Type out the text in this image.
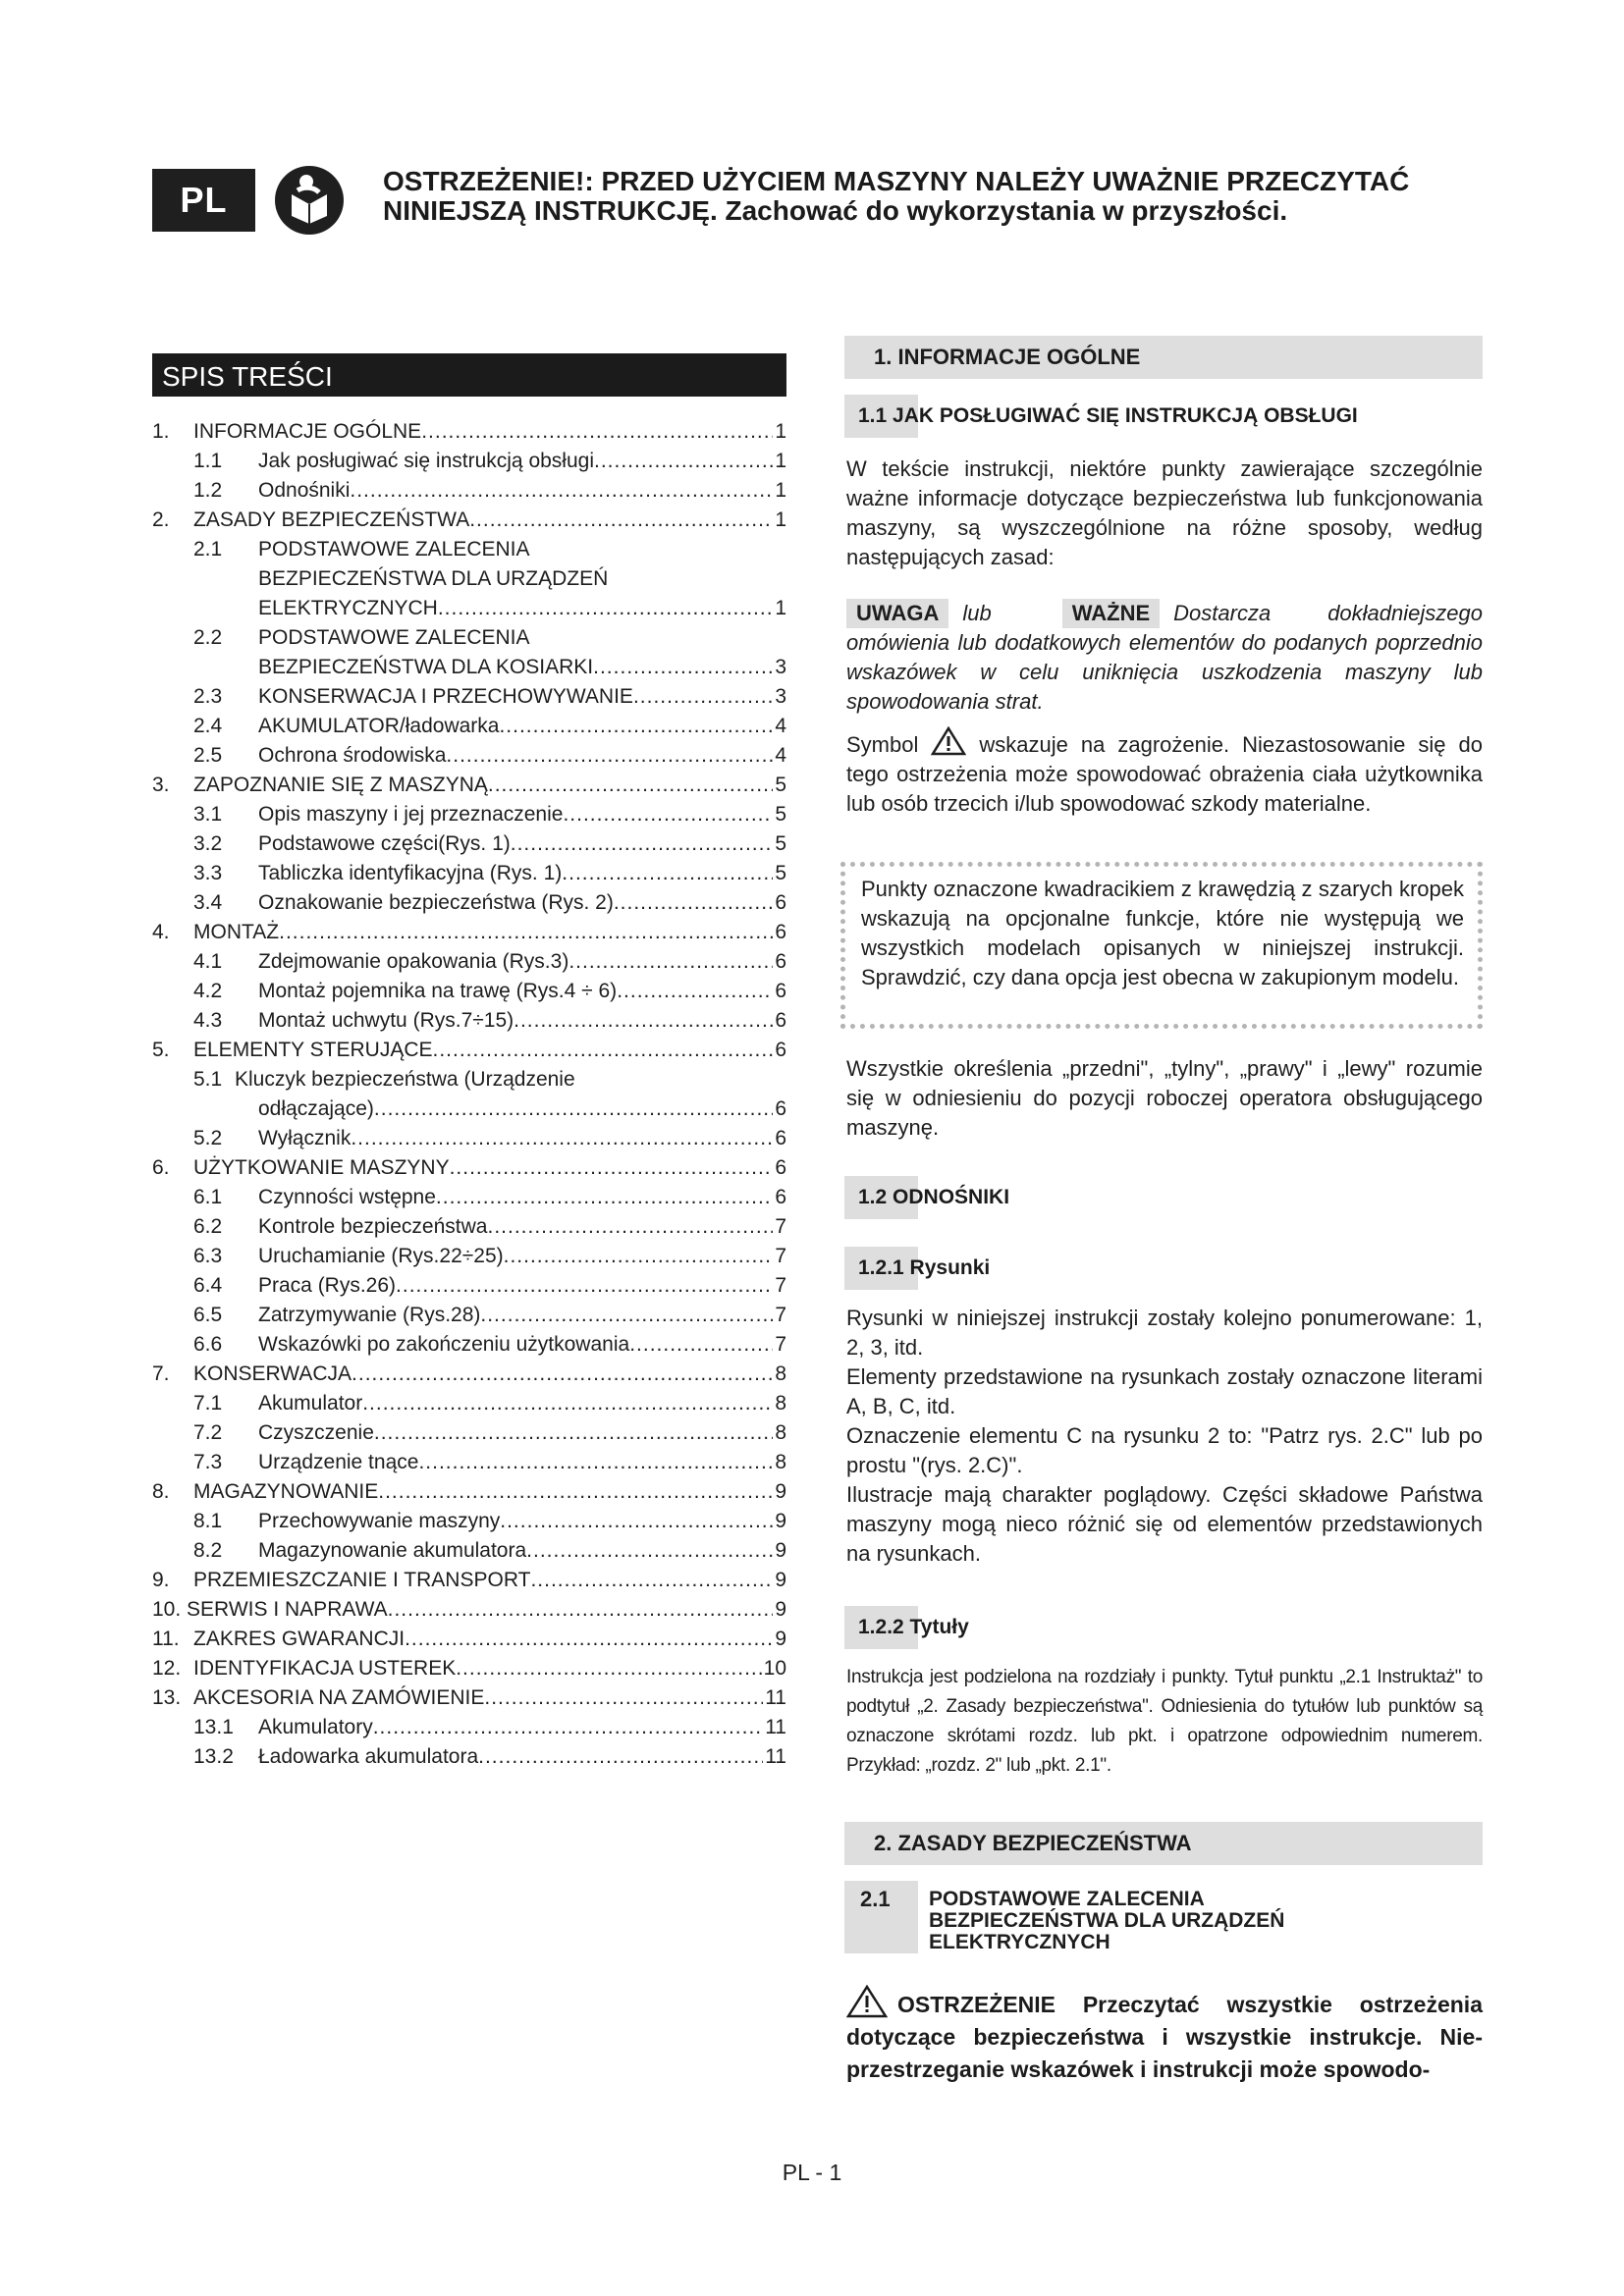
PL	OSTRZEŻENIE!: PRZED UŻYCIEM MASZYNY NALEŻY UWAŻNIE PRZECZYTAĆ NINIEJSZĄ INSTRUKCJĘ. Zachować do wykorzystania w przyszłości.
SPIS TREŚCI
1. INFORMACJE OGÓLNE .....	1
1.1 Jak posługiwać się instrukcją obsługi .....	1
1.2 Odnośniki .....	1
2. ZASADY BEZPIECZEŃSTWA .....	1
2.1 PODSTAWOWE ZALECENIA
BEZPIECZEŃSTWA DLA URZĄDZEŃ
ELEKTRYCZNYCH .....	1
2.2 PODSTAWOWE ZALECENIA
BEZPIECZEŃSTWA DLA KOSIARKI .....	3
2.3 KONSERWACJA I PRZECHOWYWANIE .....	3
2.4 AKUMULATOR/ładowarka .....	4
2.5 Ochrona środowiska .....	4
3. ZAPOZNANIE SIĘ Z MASZYNĄ .....	5
3.1 Opis maszyny i jej przeznaczenie .....	5
3.2 Podstawowe części(Rys. 1) .....	5
3.3 Tabliczka identyfikacyjna (Rys. 1) .....	5
3.4 Oznakowanie bezpieczeństwa (Rys. 2) .....	6
4. MONTAŻ .....	6
4.1 Zdejmowanie opakowania (Rys.3) .....	6
4.2 Montaż pojemnika na trawę (Rys.4 ÷ 6) .....	6
4.3 Montaż uchwytu (Rys.7÷15) .....	6
5. ELEMENTY STERUJĄCE .....	6
5.1 Kluczyk bezpieczeństwa (Urządzenie
odłączające) .....	6
5.2 Wyłącznik .....	6
6. UŻYTKOWANIE MASZYNY .....	6
6.1 Czynności wstępne .....	6
6.2 Kontrole bezpieczeństwa .....	7
6.3 Uruchamianie (Rys.22÷25) .....	7
6.4 Praca (Rys.26) .....	7
6.5 Zatrzymywanie (Rys.28) .....	7
6.6 Wskazówki po zakończeniu użytkowania .....	7
7. KONSERWACJA .....	8
7.1 Akumulator .....	8
7.2 Czyszczenie .....	8
7.3 Urządzenie tnące .....	8
8. MAGAZYNOWANIE .....	9
8.1 Przechowywanie maszyny .....	9
8.2 Magazynowanie akumulatora .....	9
9. PRZEMIESZCZANIE I TRANSPORT .....	9
10. SERWIS I NAPRAWA .....	9
11. ZAKRES GWARANCJI .....	9
12. IDENTYFIKACJA USTEREK .....	10
13. AKCESORIA NA ZAMÓWIENIE .....	11
13.1 Akumulatory .....	11
13.2 Ładowarka akumulatora .....	11
1. INFORMACJE OGÓLNE
1.1 JAK POSŁUGIWAĆ SIĘ INSTRUKCJĄ OBSŁUGI
W tekście instrukcji, niektóre punkty zawierające szczególnie ważne informacje dotyczące bezpieczeństwa lub funkcjonowania maszyny, są wyszczególnione na różne sposoby, według następujących zasad:
UWAGA lub	WAŻNE Dostarcza dokładniejszego omówienia lub dodatkowych elementów do podanych poprzednio wskazówek w celu uniknięcia uszkodzenia maszyny lub spowodowania strat.
Symbol	wskazuje na zagrożenie. Niezastosowanie się do tego ostrzeżenia może spowodować obrażenia ciała użytkownika lub osób trzecich i/lub spowodować szkody materialne.
Punkty oznaczone kwadracikiem z krawędzią z szarych kropek wskazują na opcjonalne funkcje, które nie występują we wszystkich modelach opisanych w niniejszej instrukcji. Sprawdzić, czy dana opcja jest obecna w zakupionym modelu.
Wszystkie określenia „przedni", „tylny", „prawy" i „lewy" rozumie się w odniesieniu do pozycji roboczej operatora obsługującego maszynę.
1.2 ODNOŚNIKI
1.2.1 Rysunki
Rysunki w niniejszej instrukcji zostały kolejno ponumerowane: 1, 2, 3, itd.
Elementy przedstawione na rysunkach zostały oznaczone literami A, B, C, itd.
Oznaczenie elementu C na rysunku 2 to: "Patrz rys. 2.C" lub po prostu "(rys. 2.C)".
Ilustracje mają charakter poglądowy. Części składowe Państwa maszyny mogą nieco różnić się od elementów przedstawionych na rysunkach.
1.2.2 Tytuły
Instrukcja jest podzielona na rozdziały i punkty. Tytuł punktu „2.1 Instruktaż" to podtytuł „2. Zasady bezpieczeństwa". Odniesienia do tytułów lub punktów są oznaczone skrótami rozdz. lub pkt. i opatrzone odpowiednim numerem. Przykład: „rozdz. 2" lub „pkt. 2.1".
2. ZASADY BEZPIECZEŃSTWA
2.1	PODSTAWOWE ZALECENIA BEZPIECZEŃSTWA DLA URZĄDZEŃ ELEKTRYCZNYCH
OSTRZEŻENIE Przeczytać wszystkie ostrzeżenia dotyczące bezpieczeństwa i wszystkie instrukcje. Nie-przestrzeganie wskazówek i instrukcji może spowodo-
PL - 1
